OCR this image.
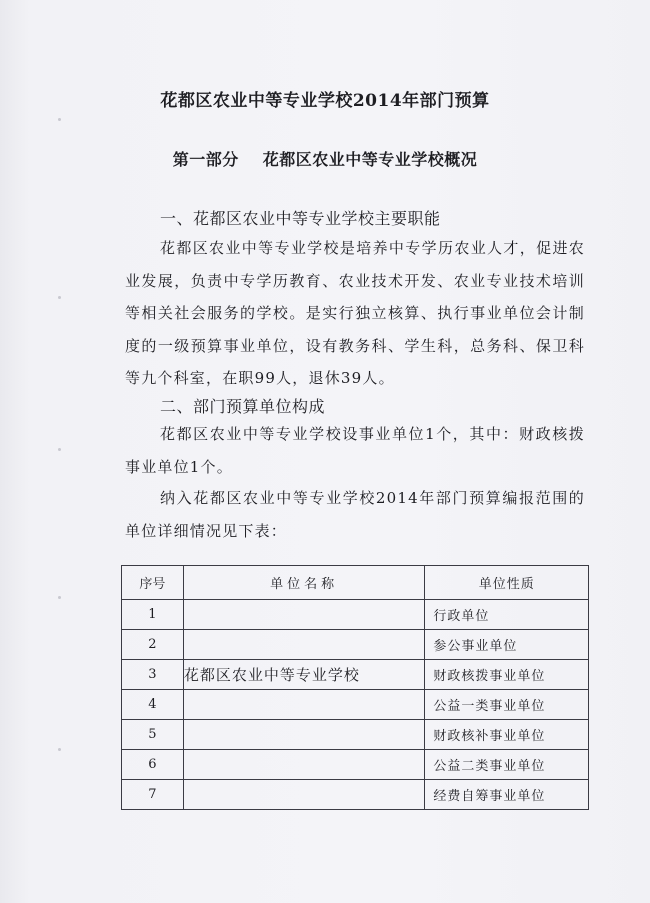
花都区农业中等专业学校2014年部门预算
第一部分 花都区农业中等专业学校概况
一、花都区农业中等专业学校主要职能
花都区农业中等专业学校是培养中专学历农业人才，促进农业发展，负责中专学历教育、农业技术开发、农业专业技术培训等相关社会服务的学校。是实行独立核算、执行事业单位会计制度的一级预算事业单位，设有教务科、学生科，总务科、保卫科等九个科室，在职99人，退休39人。
二、部门预算单位构成
花都区农业中等专业学校设事业单位1个，其中：财政核拨事业单位1个。
纳入花都区农业中等专业学校2014年部门预算编报范围的单位详细情况见下表：
序号	单位名称	单位性质
1		行政单位
2		参公事业单位
3	花都区农业中等专业学校	财政核拨事业单位
4		公益一类事业单位
5		财政核补事业单位
6		公益二类事业单位
7		经费自筹事业单位
